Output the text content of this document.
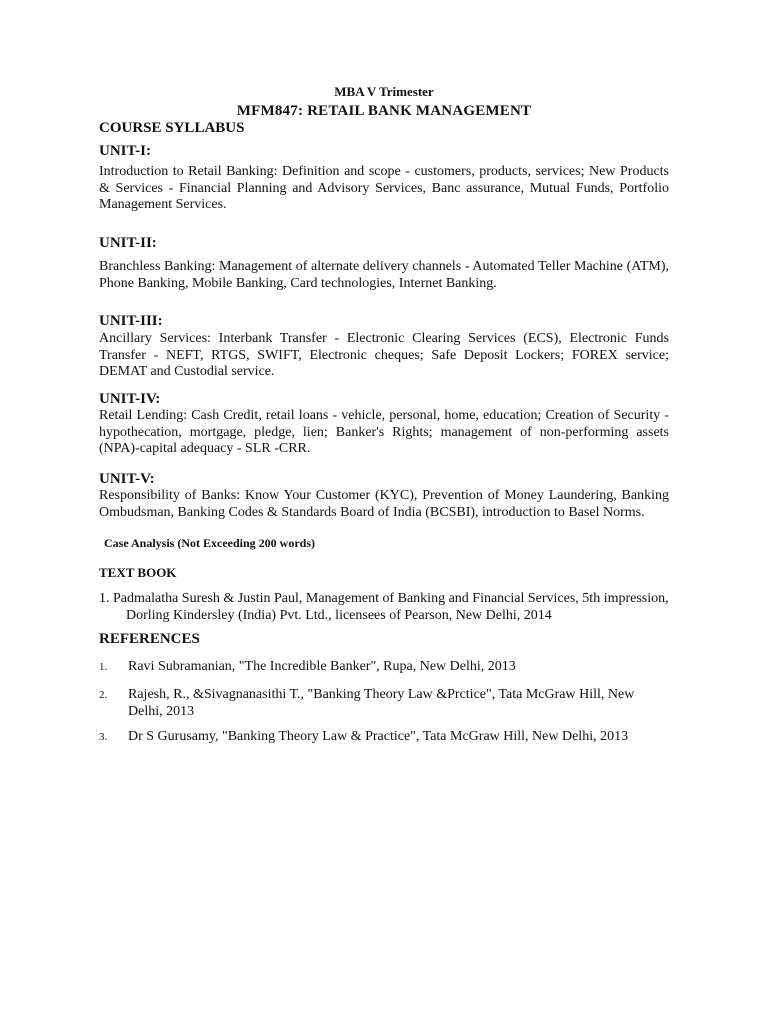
MBA V Trimester
MFM847: RETAIL BANK MANAGEMENT
COURSE SYLLABUS
UNIT-I:
Introduction to Retail Banking: Definition and scope - customers, products, services; New Products & Services - Financial Planning and Advisory Services, Banc assurance, Mutual Funds, Portfolio Management Services.
UNIT-II:
Branchless Banking: Management of alternate delivery channels - Automated Teller Machine (ATM), Phone Banking, Mobile Banking, Card technologies, Internet Banking.
UNIT-III:
Ancillary Services: Interbank Transfer - Electronic Clearing Services (ECS), Electronic Funds Transfer - NEFT, RTGS, SWIFT, Electronic cheques; Safe Deposit Lockers; FOREX service; DEMAT and Custodial service.
UNIT-IV:
Retail Lending: Cash Credit, retail loans - vehicle, personal, home, education; Creation of Security - hypothecation, mortgage, pledge, lien; Banker's Rights; management of non-performing assets (NPA)-capital adequacy - SLR -CRR.
UNIT-V:
Responsibility of Banks: Know Your Customer (KYC), Prevention of Money Laundering, Banking Ombudsman, Banking Codes & Standards Board of India (BCSBI), introduction to Basel Norms.
Case Analysis (Not Exceeding 200 words)
TEXT BOOK
1. Padmalatha Suresh & Justin Paul, Management of Banking and Financial Services, 5th impression, Dorling Kindersley (India) Pvt. Ltd., licensees of Pearson, New Delhi, 2014
REFERENCES
1. Ravi Subramanian, "The Incredible Banker", Rupa, New Delhi, 2013
2. Rajesh, R., &Sivagnanasithi T., "Banking Theory Law &Prctice", Tata McGraw Hill, New Delhi, 2013
3. Dr S Gurusamy, "Banking Theory Law & Practice", Tata McGraw Hill, New Delhi, 2013
